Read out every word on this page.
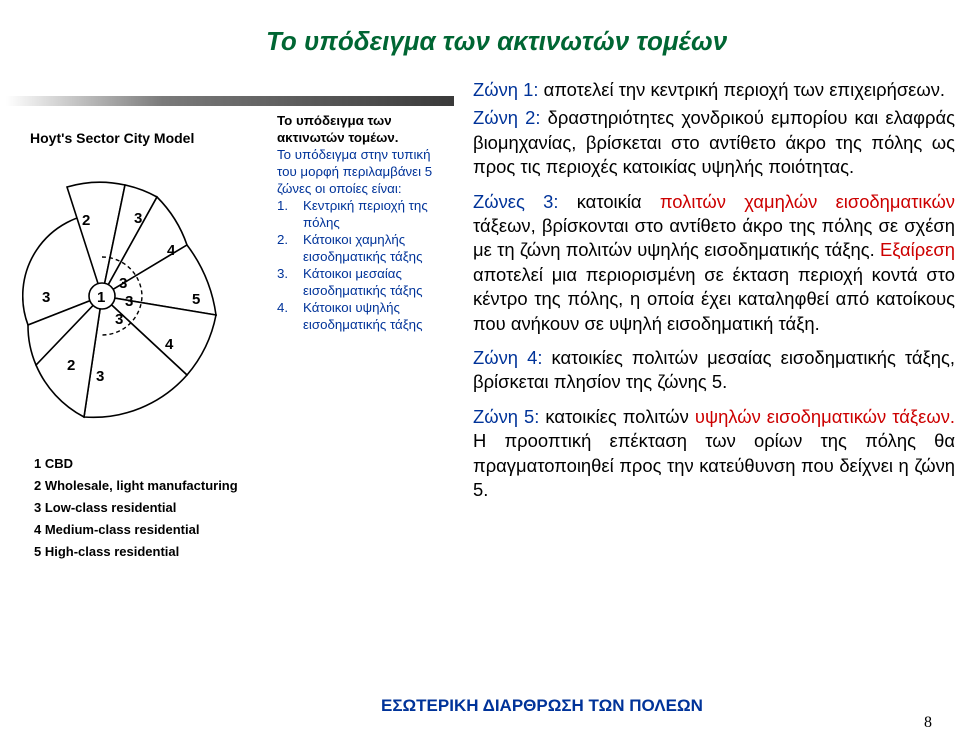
Το υπόδειγμα των ακτινωτών τομέων
Hoyt's Sector City Model
1
2
2
3
3
3
3
3
3
4
4
5
1 CBD
2 Wholesale, light manufacturing
3 Low-class residential
4 Medium-class residential
5 High-class residential
Το υπόδειγμα των ακτινωτών τομέων.
Το υπόδειγμα στην τυπική του μορφή περιλαμβάνει 5 ζώνες οι οποίες είναι:
1. Κεντρική περιοχή της πόλης
2. Κάτοικοι χαμηλής εισοδηματικής τάξης
3. Κάτοικοι μεσαίας εισοδηματικής τάξης
4. Κάτοικοι υψηλής εισοδηματικής τάξης

Ζώνη 1: αποτελεί την κεντρική περιοχή των επιχειρήσεων.

Ζώνη 2: δραστηριότητες χονδρικού εμπορίου και ελαφράς βιομηχανίας, βρίσκεται στο αντίθετο άκρο της πόλης ως προς τις περιοχές κατοικίας υψηλής ποιότητας.

Ζώνες 3: κατοικία πολιτών χαμηλών εισοδηματικών τάξεων, βρίσκονται στο αντίθετο άκρο της πόλης σε σχέση με τη ζώνη πολιτών υψηλής εισοδηματικής τάξης. Εξαίρεση αποτελεί μια περιορισμένη σε έκταση περιοχή κοντά στο κέντρο της πόλης, η οποία έχει καταληφθεί από κατοίκους που ανήκουν σε υψηλή εισοδηματική τάξη.

Ζώνη 4: κατοικίες πολιτών μεσαίας εισοδηματικής τάξης, βρίσκεται πλησίον της ζώνης 5.

Ζώνη 5: κατοικίες πολιτών υψηλών εισοδηματικών τάξεων. Η προοπτική επέκταση των ορίων της πόλης θα πραγματοποιηθεί προς την κατεύθυνση που δείχνει η ζώνη 5.

ΕΣΩΤΕΡΙΚΗ ΔΙΑΡΘΡΩΣΗ ΤΩΝ ΠΟΛΕΩΝ
8
